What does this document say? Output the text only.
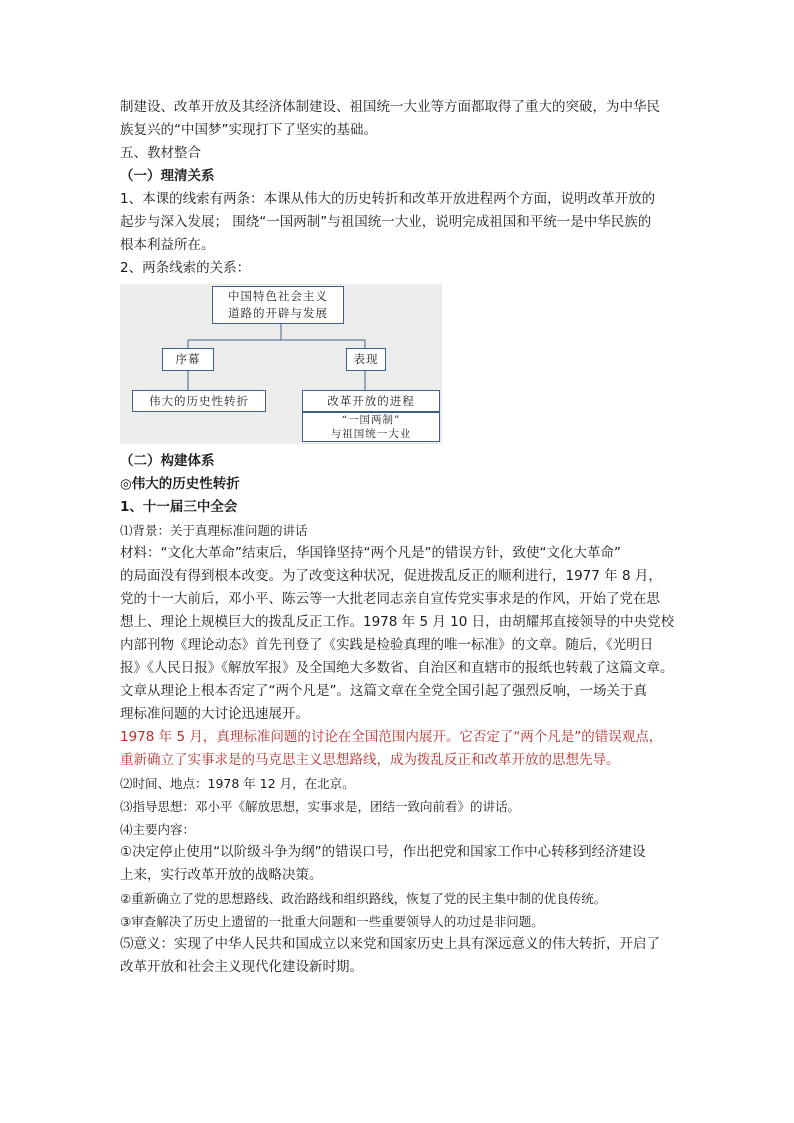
制建设、改革开放及其经济体制建设、祖国统一大业等方面都取得了重大的突破，为中华民

族复兴的“中国梦”实现打下了坚实的基础。

五、教材整合

（一）理清关系

1、本课的线索有两条：本课从伟大的历史转折和改革开放进程两个方面，说明改革开放的

起步与深入发展； 围绕“一国两制”与祖国统一大业，说明完成祖国和平统一是中华民族的

根本利益所在。

2、两条线索的关系：

中国特色社会主义
道路的开辟与发展
序幕	表现
伟大的历史性转折	改革开放的进程
“一国两制”
与祖国统一大业

（二）构建体系

◎伟大的历史性转折

1、十一届三中全会

⑴背景：关于真理标准问题的讲话

材料：“文化大革命”结束后，华国锋坚持“两个凡是”的错误方针，致使“文化大革命”

的局面没有得到根本改变。为了改变这种状况，促进拨乱反正的顺利进行，1977 年 8 月，

党的十一大前后，邓小平、陈云等一大批老同志亲自宣传党实事求是的作风，开始了党在思

想上、理论上规模巨大的拨乱反正工作。1978 年 5 月 10 日，由胡耀邦直接领导的中央党校

内部刊物《理论动态》首先刊登了《实践是检验真理的唯一标准》的文章。随后，《光明日

报》《人民日报》《解放军报》及全国绝大多数省、自治区和直辖市的报纸也转载了这篇文章。

文章从理论上根本否定了“两个凡是”。这篇文章在全党全国引起了强烈反响，一场关于真

理标准问题的大讨论迅速展开。

1978 年 5 月，真理标准问题的讨论在全国范围内展开。它否定了“两个凡是”的错误观点，

重新确立了实事求是的马克思主义思想路线，成为拨乱反正和改革开放的思想先导。

⑵时间、地点：1978 年 12 月，在北京。

⑶指导思想：邓小平《解放思想，实事求是，团结一致向前看》的讲话。

⑷主要内容：

①决定停止使用“以阶级斗争为纲”的错误口号，作出把党和国家工作中心转移到经济建设

上来，实行改革开放的战略决策。

②重新确立了党的思想路线、政治路线和组织路线，恢复了党的民主集中制的优良传统。

③审查解决了历史上遗留的一批重大问题和一些重要领导人的功过是非问题。

⑸意义：实现了中华人民共和国成立以来党和国家历史上具有深远意义的伟大转折，开启了

改革开放和社会主义现代化建设新时期。
